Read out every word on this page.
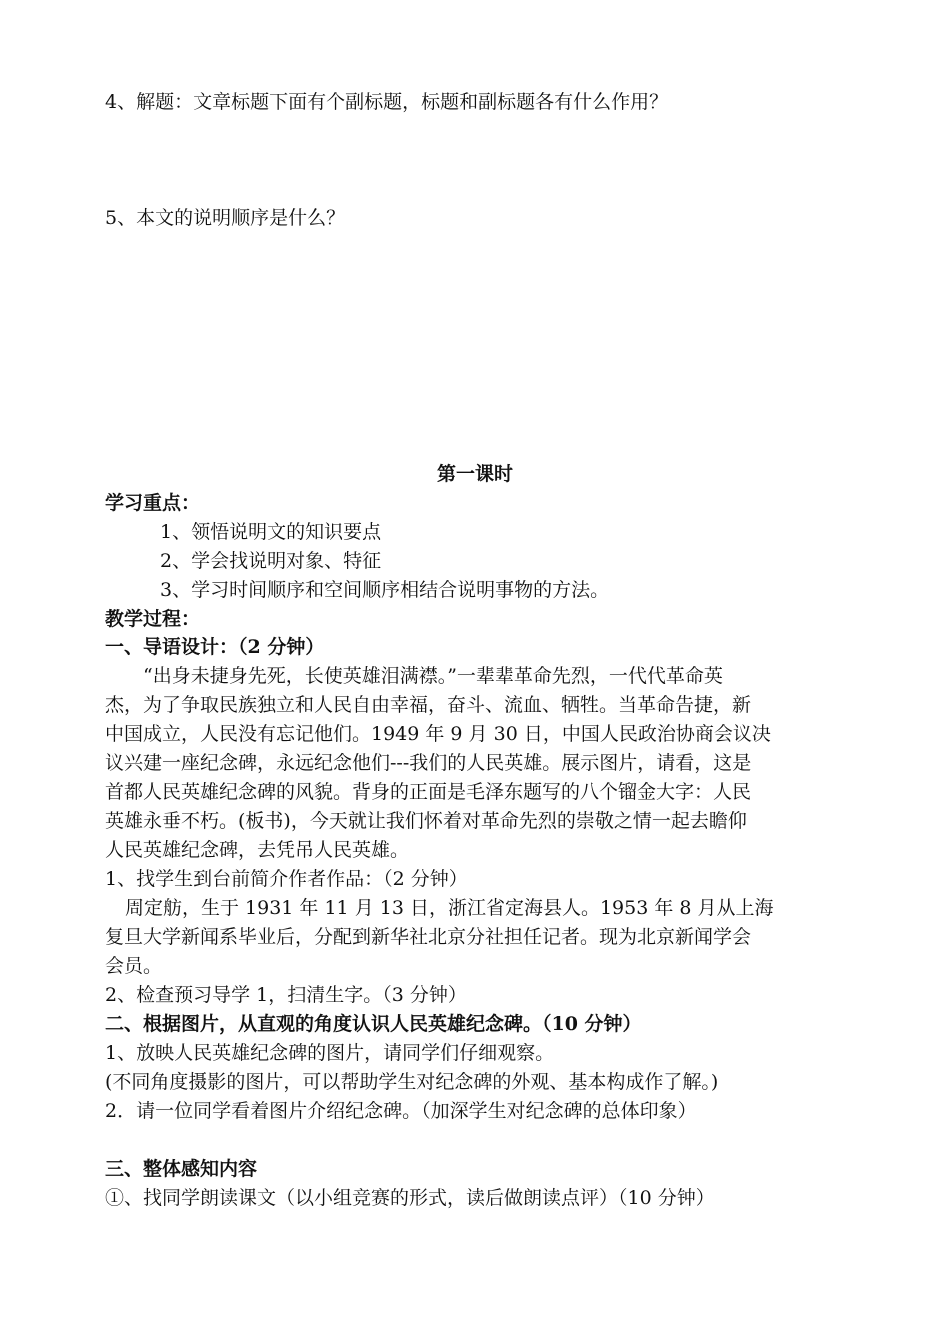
4、解题：文章标题下面有个副标题，标题和副标题各有什么作用？
5、本文的说明顺序是什么？
第一课时
学习重点：
1、领悟说明文的知识要点
2、学会找说明对象、特征
3、学习时间顺序和空间顺序相结合说明事物的方法。
教学过程：
一、导语设计：（2 分钟）
“出身未捷身先死，长使英雄泪满襟。”一辈辈革命先烈，一代代革命英
杰，为了争取民族独立和人民自由幸福，奋斗、流血、牺牲。当革命告捷，新
中国成立，人民没有忘记他们。1949 年 9 月 30 日，中国人民政治协商会议决
议兴建一座纪念碑，永远纪念他们---我们的人民英雄。展示图片，请看，这是
首都人民英雄纪念碑的风貌。背身的正面是毛泽东题写的八个镏金大字：人民
英雄永垂不朽。(板书)，今天就让我们怀着对革命先烈的崇敬之情一起去瞻仰
人民英雄纪念碑，去凭吊人民英雄。
1、找学生到台前简介作者作品：（2 分钟）
周定舫，生于 1931 年 11 月 13 日，浙江省定海县人。1953 年 8 月从上海
复旦大学新闻系毕业后，分配到新华社北京分社担任记者。现为北京新闻学会
会员。
2、检查预习导学 1，扫清生字。（3 分钟）
二、根据图片，从直观的角度认识人民英雄纪念碑。（10 分钟）
1、放映人民英雄纪念碑的图片，请同学们仔细观察。
(不同角度摄影的图片，可以帮助学生对纪念碑的外观、基本构成作了解。)
2．请一位同学看着图片介绍纪念碑。（加深学生对纪念碑的总体印象）
三、整体感知内容
①、找同学朗读课文（以小组竞赛的形式，读后做朗读点评）（10 分钟）
